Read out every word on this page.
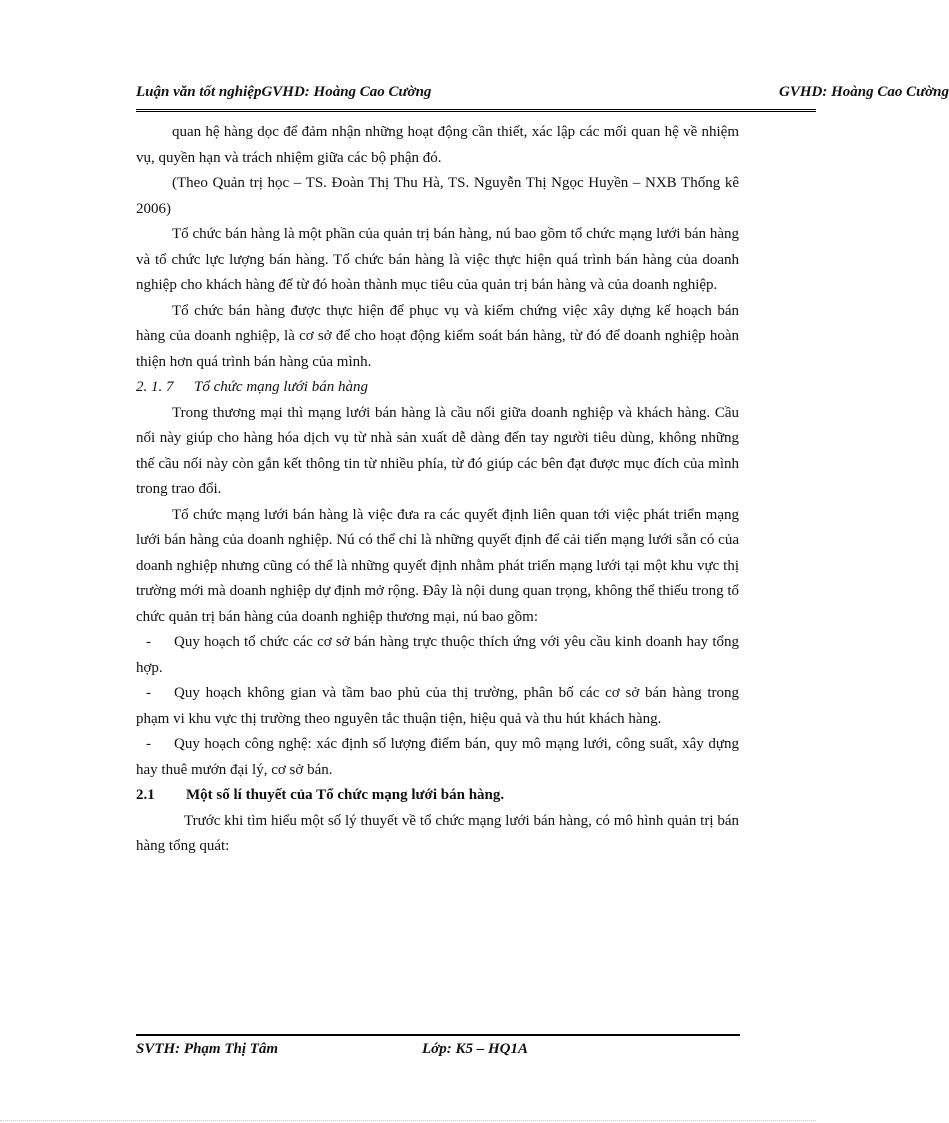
Luận văn tốt nghiệpGVHD: Hoàng Cao Cường	GVHD: Hoàng Cao Cường

quan hệ hàng dọc để đảm nhận những hoạt động cần thiết, xác lập các mối quan hệ về nhiệm vụ, quyền hạn và trách nhiệm giữa các bộ phận đó.

(Theo Quản trị học – TS. Đoàn Thị Thu Hà, TS. Nguyễn Thị Ngọc Huyền – NXB Thống kê 2006)

Tổ chức bán hàng là một phần của quản trị bán hàng, nú bao gồm tổ chức mạng lưới bán hàng và tổ chức lực lượng bán hàng. Tổ chức bán hàng là việc thực hiện quá trình bán hàng của doanh nghiệp cho khách hàng để từ đó hoàn thành mục tiêu của quản trị bán hàng và của doanh nghiệp.

Tổ chức bán hàng được thực hiện để phục vụ và kiểm chứng việc xây dựng kế hoạch bán hàng của doanh nghiệp, là cơ sở để cho hoạt động kiểm soát bán hàng, từ đó để doanh nghiệp hoàn thiện hơn quá trình bán hàng của mình.

2. 1. 7 Tổ chức mạng lưới bán hàng

Trong thương mại thì mạng lưới bán hàng là cầu nối giữa doanh nghiệp và khách hàng. Cầu nối này giúp cho hàng hóa dịch vụ từ nhà sản xuất dễ dàng đến tay người tiêu dùng, không những thế cầu nối này còn gắn kết thông tin từ nhiều phía, từ đó giúp các bên đạt được mục đích của mình trong trao đổi.

Tổ chức mạng lưới bán hàng là việc đưa ra các quyết định liên quan tới việc phát triển mạng lưới bán hàng của doanh nghiệp. Nú có thể chỉ là những quyết định để cải tiến mạng lưới sẵn có của doanh nghiệp nhưng cũng có thể là những quyết định nhằm phát triển mạng lưới tại một khu vực thị trường mới mà doanh nghiệp dự định mở rộng. Đây là nội dung quan trọng, không thể thiếu trong tổ chức quản trị bán hàng của doanh nghiệp thương mại, nú bao gồm:

- Quy hoạch tổ chức các cơ sở bán hàng trực thuộc thích ứng với yêu cầu kinh doanh hay tổng hợp.

- Quy hoạch không gian và tầm bao phủ của thị trường, phân bố các cơ sở bán hàng trong phạm vi khu vực thị trường theo nguyên tắc thuận tiện, hiệu quả và thu hút khách hàng.

- Quy hoạch công nghệ: xác định số lượng điểm bán, quy mô mạng lưới, công suất, xây dựng hay thuê mướn đại lý, cơ sở bán.

2.1 Một số lí thuyết của Tổ chức mạng lưới bán hàng.

Trước khi tìm hiểu một số lý thuyết về tổ chức mạng lưới bán hàng, có mô hình quản trị bán hàng tổng quát:

SVTH: Phạm Thị Tâm	Lớp: K5 – HQ1A
